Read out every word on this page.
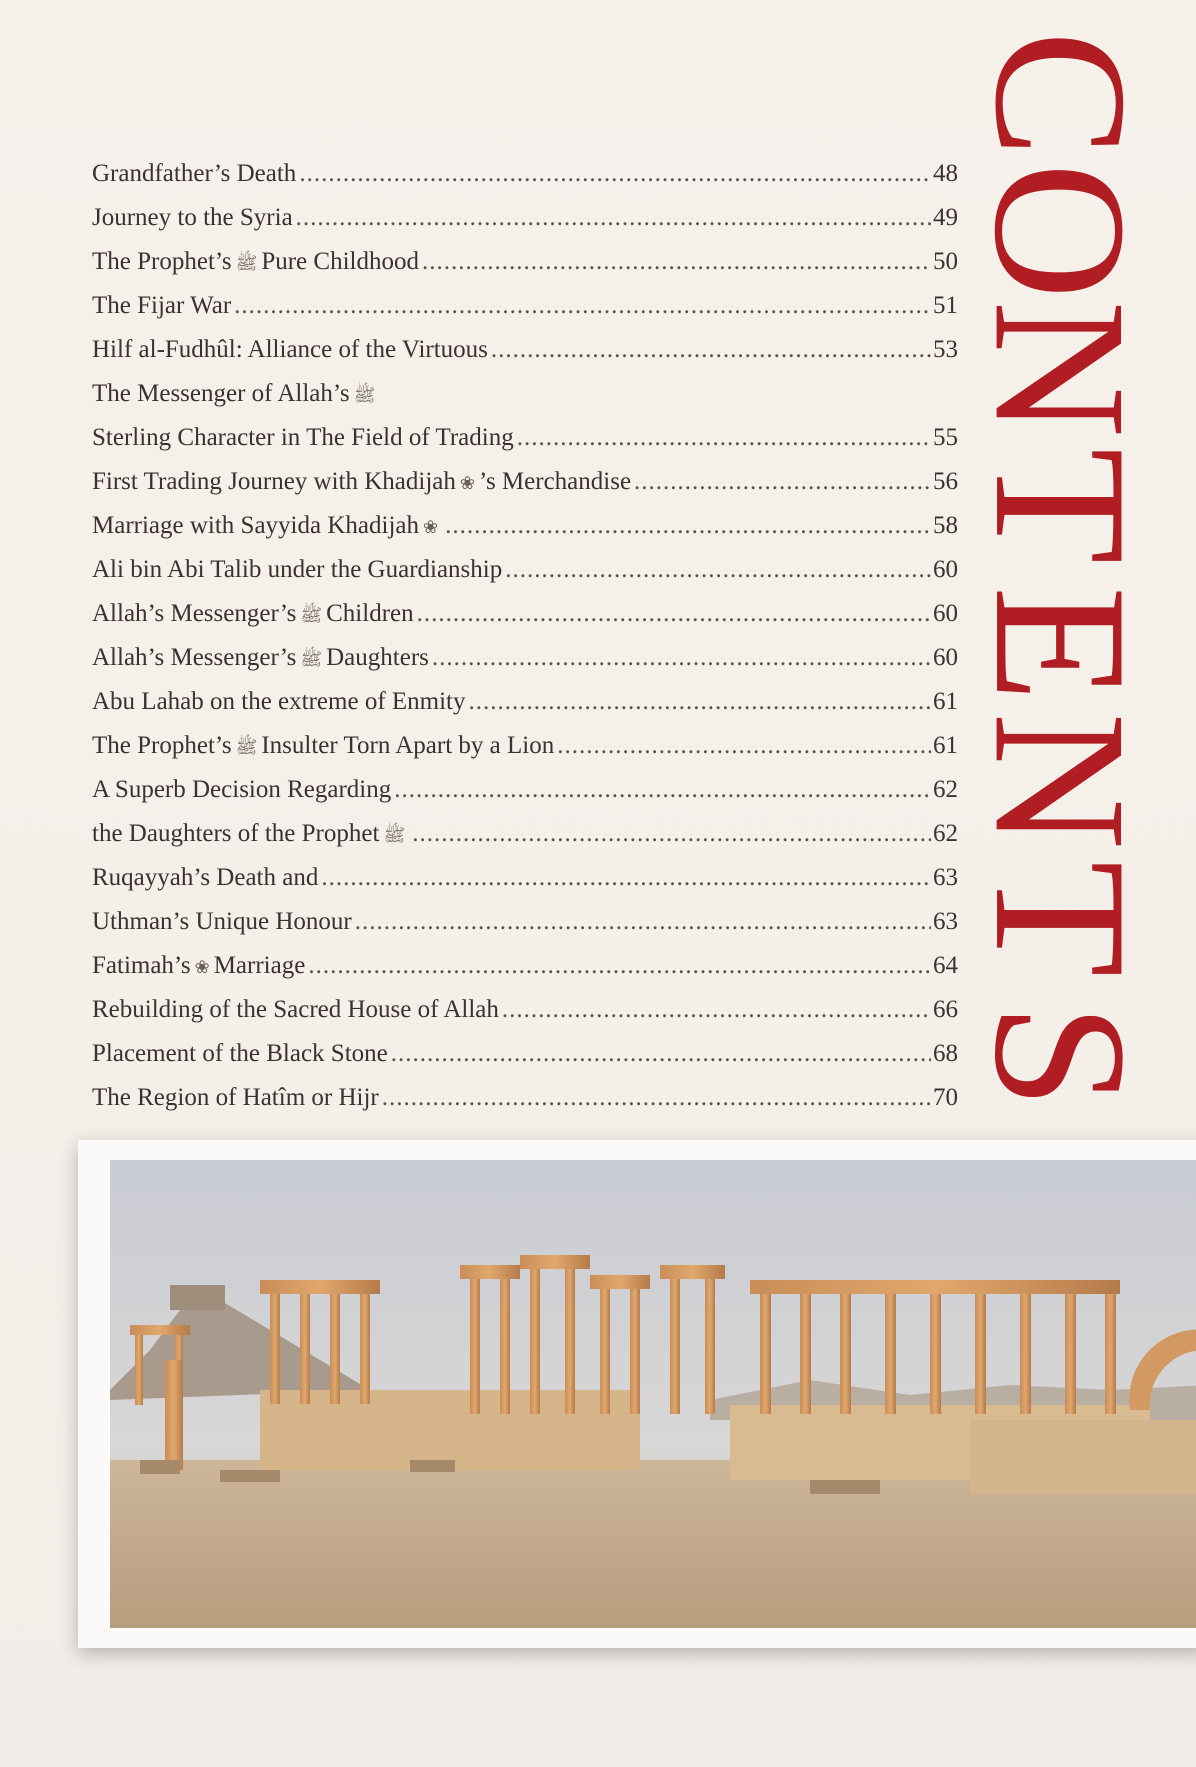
Grandfather’s Death .....	48
Journey to the Syria .....	49
The Prophet’s ﷺ Pure Childhood .....	50
The Fijar War .....	51
Hilf al-Fudhûl: Alliance of the Virtuous .....	53
The Messenger of Allah’s ﷺ
Sterling Character in The Field of Trading .....	55
First Trading Journey with Khadijah ❀ ’s Merchandise .....	56
Marriage with Sayyida Khadijah ❀ .....	58
Ali bin Abi Talib under the Guardianship .....	60
Allah’s Messenger’s ﷺ Children .....	60
Allah’s Messenger’s ﷺ Daughters .....	60
Abu Lahab on the extreme of Enmity .....	61
The Prophet’s ﷺ Insulter Torn Apart by a Lion .....	61
A Superb Decision Regarding .....	62
the Daughters of the Prophet ﷺ .....	62
Ruqayyah’s Death and .....	63
Uthman’s Unique Honour .....	63
Fatimah’s ❀ Marriage .....	64
Rebuilding of the Sacred House of Allah .....	66
Placement of the Black Stone .....	68
The Region of Hatîm or Hijr .....	70
C
O
N
T
E
N
T
S
